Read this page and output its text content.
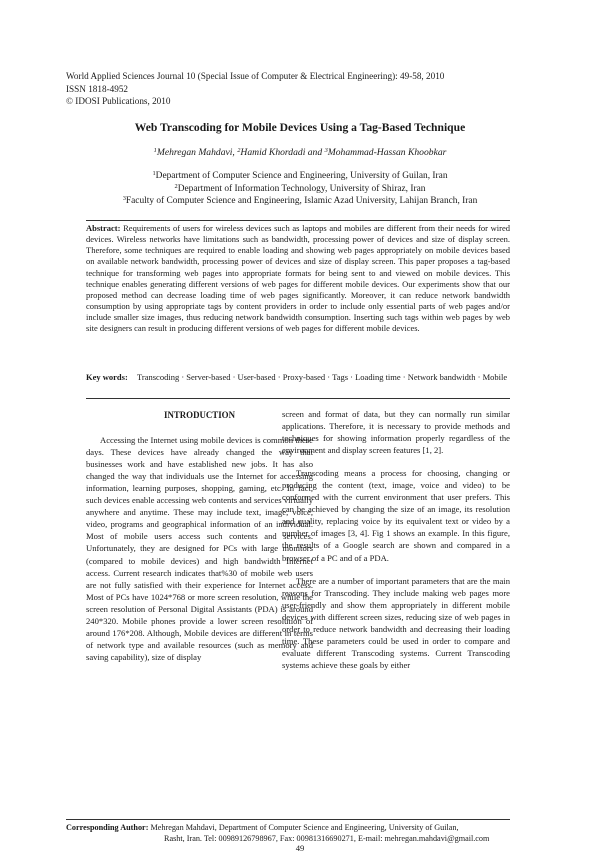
World Applied Sciences Journal 10 (Special Issue of Computer & Electrical Engineering): 49-58, 2010
ISSN 1818-4952
© IDOSI Publications, 2010
Web Transcoding for Mobile Devices Using a Tag-Based Technique
$^1$Mehregan Mahdavi, $^2$Hamid Khordadi and $^3$Mohammad-Hassan Khoobkar
$^1$Department of Computer Science and Engineering, University of Guilan, Iran
$^2$Department of Information Technology, University of Shiraz, Iran
$^3$Faculty of Computer Science and Engineering, Islamic Azad University, Lahijan Branch, Iran
Abstract: Requirements of users for wireless devices such as laptops and mobiles are different from their needs for wired devices. Wireless networks have limitations such as bandwidth, processing power of devices and size of display screen. Therefore, some techniques are required to enable loading and showing web pages appropriately on mobile devices based on available network bandwidth, processing power of devices and size of display screen. This paper proposes a tag-based technique for transforming web pages into appropriate formats for being sent to and viewed on mobile devices. This technique enables generating different versions of web pages for different mobile devices. Our experiments show that our proposed method can decrease loading time of web pages significantly. Moreover, it can reduce network bandwidth consumption by using appropriate tags by content providers in order to include only essential parts of web pages and/or include smaller size images, thus reducing network bandwidth consumption. Inserting such tags within web pages by web site designers can result in producing different versions of web pages for different mobile devices.
Key words: Transcoding · Server-based · User-based · Proxy-based · Tags · Loading time · Network bandwidth · Mobile
INTRODUCTION

Accessing the Internet using mobile devices is common these days. These devices have already changed the way that businesses work and have established new jobs. It has also changed the way that individuals use the Internet for accessing information, learning purposes, shopping, gaming, etc. In fact, such devices enable accessing web contents and services virtually anywhere and anytime. These may include text, image, voice, video, programs and geographical information of an individual. Most of mobile users access such contents and services. Unfortunately, they are designed for PCs with large monitors (compared to mobile devices) and high bandwidth Internet access. Current research indicates that%30 of mobile web users are not fully satisfied with their experience for Internet access. Most of PCs have 1024*768 or more screen resolution, while the screen resolution of Personal Digital Assistants (PDA) is around 240*320. Mobile phones provide a lower screen resolution of around 176*208. Although, Mobile devices are different in terms of network type and available resources (such as memory and saving capability), size of display

screen and format of data, but they can normally run similar applications. Therefore, it is necessary to provide methods and techniques for showing information properly regardless of the environment and display screen features [1, 2].

Transcoding means a process for choosing, changing or producing the content (text, image, voice and video) to be conformed with the current environment that user prefers. This can be achieved by changing the size of an image, its resolution and quality, replacing voice by its equivalent text or video by a number of images [3, 4]. Fig 1 shows an example. In this figure, the results of a Google search are shown and compared in a browser of a PC and of a PDA.

There are a number of important parameters that are the main reasons for Transcoding. They include making web pages more user-friendly and show them appropriately in different mobile devices with different screen sizes, reducing size of web pages in order to reduce network bandwidth and decreasing their loading time. These parameters could be used in order to compare and evaluate different Transcoding systems. Current Transcoding systems achieve these goals by either

Corresponding Author: Mehregan Mahdavi, Department of Computer Science and Engineering, University of Guilan,
Rasht, Iran. Tel: 00989126798967, Fax: 00981316690271, E-mail: mehregan.mahdavi@gmail.com
49
